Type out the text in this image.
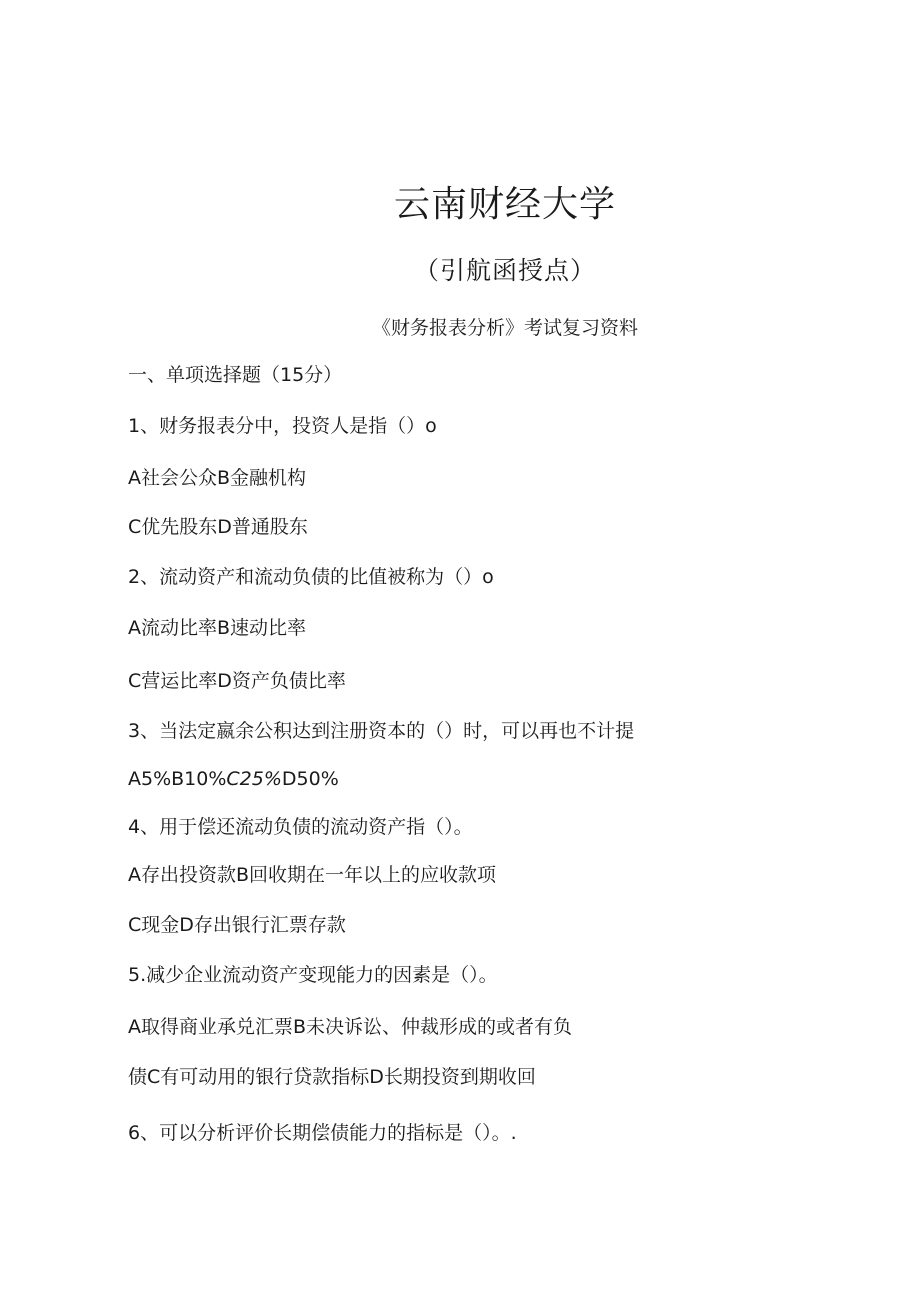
云南财经大学
（引航函授点）
《财务报表分析》考试复习资料
一、单项选择题（15分）
1、财务报表分中，投资人是指（）o
A社会公众B金融机构
C优先股东D普通股东
2、流动资产和流动负债的比值被称为（）o
A流动比率B速动比率
C营运比率D资产负债比率
3、当法定嬴余公积达到注册资本的（）时，可以再也不计提
A5%B10%C25%D50%
4、用于偿还流动负债的流动资产指（）。
A存出投资款B回收期在一年以上的应收款项
C现金D存出银行汇票存款
5.减少企业流动资产变现能力的因素是（）。
A取得商业承兑汇票B未决诉讼、仲裁形成的或者有负
债C有可动用的银行贷款指标D长期投资到期收回
6、可以分析评价长期偿债能力的指标是（）。.
